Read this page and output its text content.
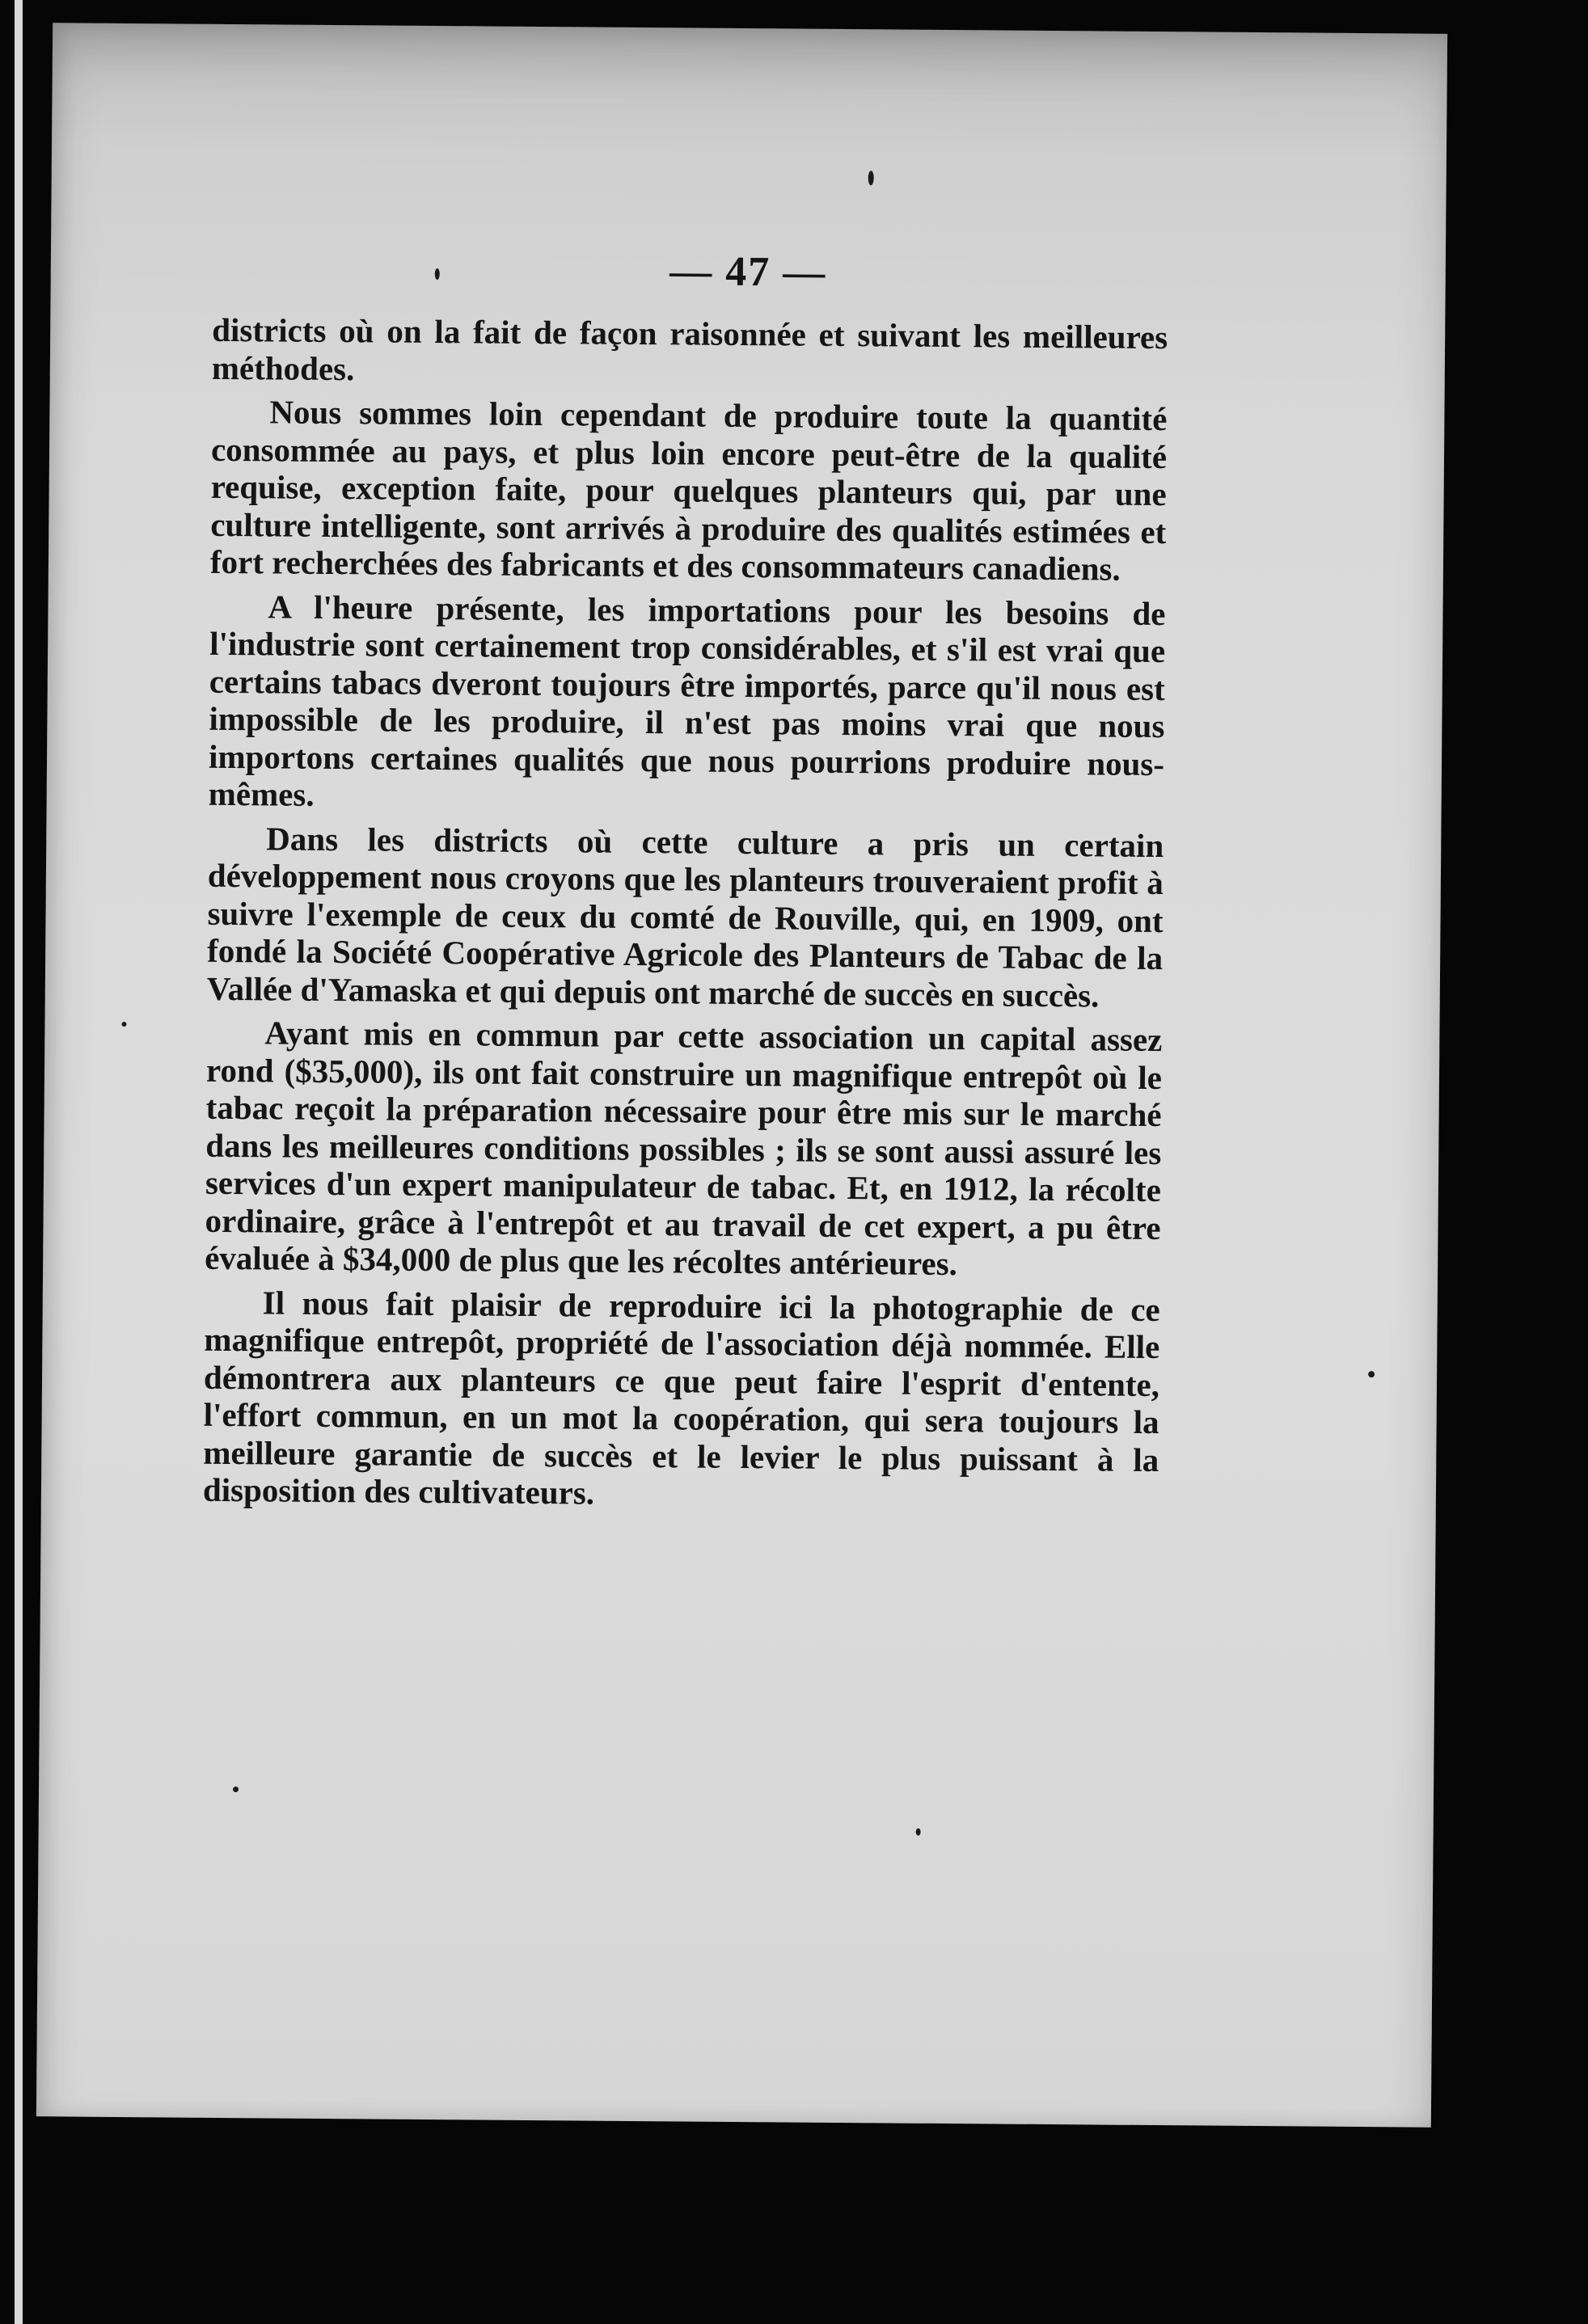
— 47 —

districts où on la fait de façon raisonnée et suivant les meilleures méthodes.

Nous sommes loin cependant de produire toute la quantité consommée au pays, et plus loin encore peut-être de la qualité requise, exception faite, pour quelques planteurs qui, par une culture intelligente, sont arrivés à produire des qualités estimées et fort recherchées des fabricants et des consommateurs canadiens.

A l'heure présente, les importations pour les besoins de l'industrie sont certainement trop considérables, et s'il est vrai que certains tabacs dveront toujours être importés, parce qu'il nous est impossible de les produire, il n'est pas moins vrai que nous importons certaines qualités que nous pourrions produire nous-mêmes.

Dans les districts où cette culture a pris un certain développement nous croyons que les planteurs trouveraient profit à suivre l'exemple de ceux du comté de Rouville, qui, en 1909, ont fondé la Société Coopérative Agricole des Planteurs de Tabac de la Vallée d'Yamaska et qui depuis ont marché de succès en succès.

Ayant mis en commun par cette association un capital assez rond ($35,000), ils ont fait construire un magnifique entrepôt où le tabac reçoit la préparation nécessaire pour être mis sur le marché dans les meilleures conditions possibles ; ils se sont aussi assuré les services d'un expert manipulateur de tabac. Et, en 1912, la récolte ordinaire, grâce à l'entrepôt et au travail de cet expert, a pu être évaluée à $34,000 de plus que les récoltes antérieures.

Il nous fait plaisir de reproduire ici la photographie de ce magnifique entrepôt, propriété de l'association déjà nommée. Elle démontrera aux planteurs ce que peut faire l'esprit d'entente, l'effort commun, en un mot la coopération, qui sera toujours la meilleure garantie de succès et le levier le plus puissant à la disposition des cultivateurs.
